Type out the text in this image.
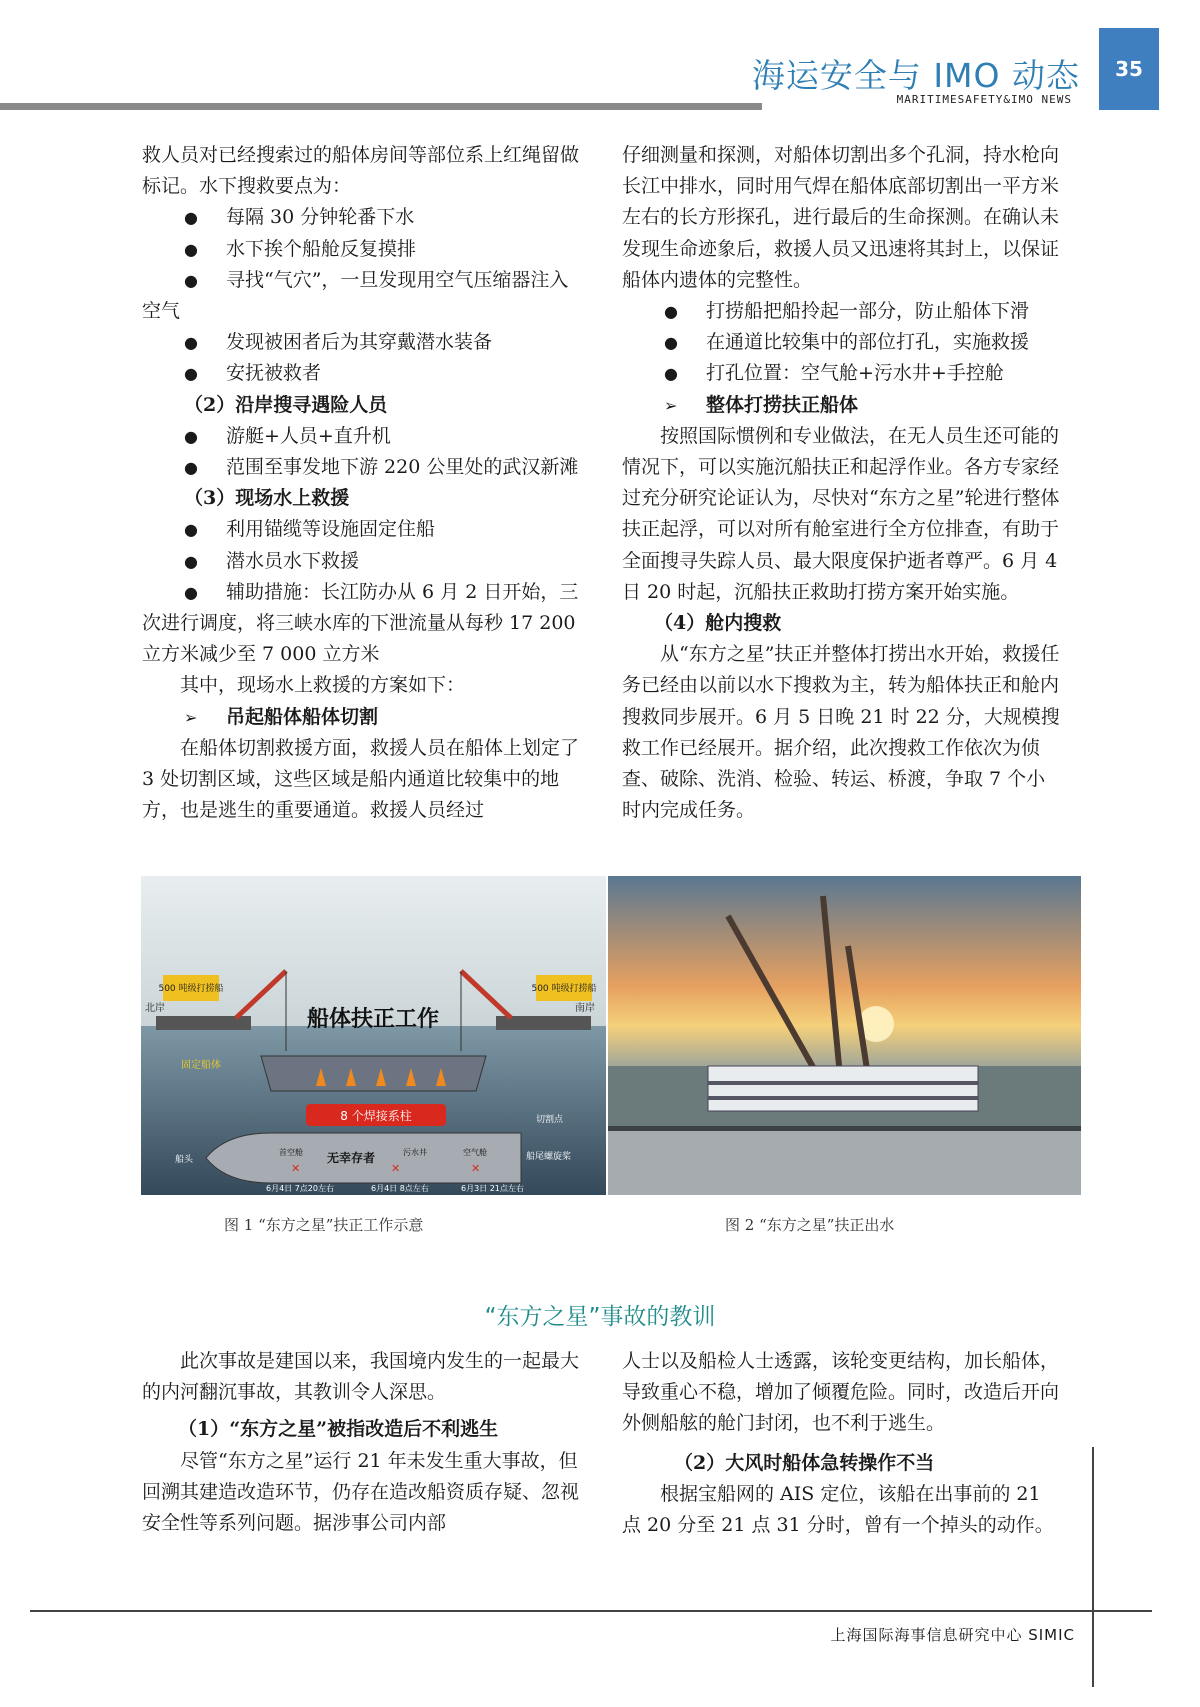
海运安全与 IMO 动态
MARITIMESAFETY&IMO NEWS
35

救人员对已经搜索过的船体房间等部位系上红绳留做标记。水下搜救要点为：

● 每隔 30 分钟轮番下水
● 水下挨个船舱反复摸排
● 寻找“气穴”，一旦发现用空气压缩器注入空气
● 发现被困者后为其穿戴潜水装备
● 安抚被救者
（2）沿岸搜寻遇险人员
● 游艇+人员+直升机
● 范围至事发地下游 220 公里处的武汉新滩
（3）现场水上救援
● 利用锚缆等设施固定住船
● 潜水员水下救援
● 辅助措施：长江防办从 6 月 2 日开始，三次进行调度，将三峡水库的下泄流量从每秒 17 200 立方米减少至 7 000 立方米

其中，现场水上救援的方案如下：

➢ 吊起船体船体切割

在船体切割救援方面，救援人员在船体上划定了 3 处切割区域，这些区域是船内通道比较集中的地方，也是逃生的重要通道。救援人员经过

仔细测量和探测，对船体切割出多个孔洞，持水枪向长江中排水，同时用气焊在船体底部切割出一平方米左右的长方形探孔，进行最后的生命探测。在确认未发现生命迹象后，救援人员又迅速将其封上，以保证船体内遗体的完整性。

● 打捞船把船拎起一部分，防止船体下滑
● 在通道比较集中的部位打孔，实施救援
● 打孔位置：空气舱+污水井+手控舱
➢ 整体打捞扶正船体

按照国际惯例和专业做法，在无人员生还可能的情况下，可以实施沉船扶正和起浮作业。各方专家经过充分研究论证认为，尽快对“东方之星”轮进行整体扶正起浮，可以对所有舱室进行全方位排查，有助于全面搜寻失踪人员、最大限度保护逝者尊严。6 月 4 日 20 时起，沉船扶正救助打捞方案开始实施。

（4）舱内搜救

从“东方之星”扶正并整体打捞出水开始，救援任务已经由以前以水下搜救为主，转为船体扶正和舱内搜救同步展开。6 月 5 日晚 21 时 22 分，大规模搜救工作已经展开。据介绍，此次搜救工作依次为侦查、破除、洗消、检验、转运、桥渡，争取 7 个小时内完成任务。

500 吨级打捞船	500 吨级打捞船
北岸	南岸
船体扶正工作
固定船体
8 个焊接系柱	切割点
船头	船尾螺旋桨
无幸存者
首空舱	污水井	空气舱
✕	✕	✕
6月4日 7点20左右	6月4日 8点左右	6月3日 21点左右
图 1 “东方之星”扶正工作示意	图 2 “东方之星”扶正出水
“东方之星”事故的教训

此次事故是建国以来，我国境内发生的一起最大的内河翻沉事故，其教训令人深思。

（1）“东方之星”被指改造后不利逃生

尽管“东方之星”运行 21 年未发生重大事故，但回溯其建造改造环节，仍存在造改船资质存疑、忽视安全性等系列问题。据涉事公司内部

人士以及船检人士透露，该轮变更结构，加长船体，导致重心不稳，增加了倾覆危险。同时，改造后开向外侧船舷的舱门封闭，也不利于逃生。

（2）大风时船体急转操作不当

根据宝船网的 AIS 定位，该船在出事前的 21 点 20 分至 21 点 31 分时，曾有一个掉头的动作。

上海国际海事信息研究中心 SIMIC
